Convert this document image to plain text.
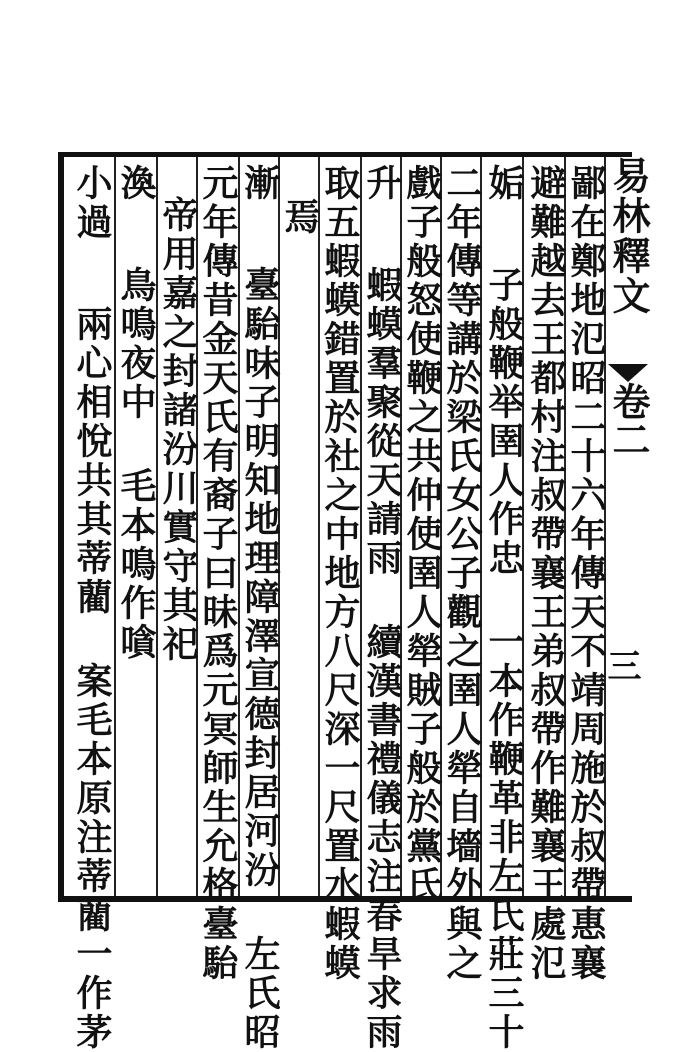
易林釋文
卷二
三
鄙在鄭地氾昭二十六年傳天不靖周施於叔帶惠襄
避難越去王都村注叔帶襄王弟叔帶作難襄王處氾
姤 子般鞭举圉人作忠 一本作鞭革非左氏莊三十
二年傳等講於梁氏女公子觀之圉人犖自墻外與之
戲子般怒使鞭之共仲使圉人犖賊子般於黨氏
升 蝦蟆羣聚從天請雨 續漢書禮儀志注春旱求雨
取五蝦蟆錯置於社之中地方八尺深一尺置水蝦蟆
焉
漸 臺駘味子明知地理障澤宣德封居河汾 左氏昭
元年傳昔金天氏有裔子曰昧爲元冥師生允格臺駘
帝用嘉之封諸汾川實守其祀
渙 鳥鳴夜中 毛本鳴作嗿
小過 兩心相悅共其蒂藺 案毛本原注蒂藺一作茅
